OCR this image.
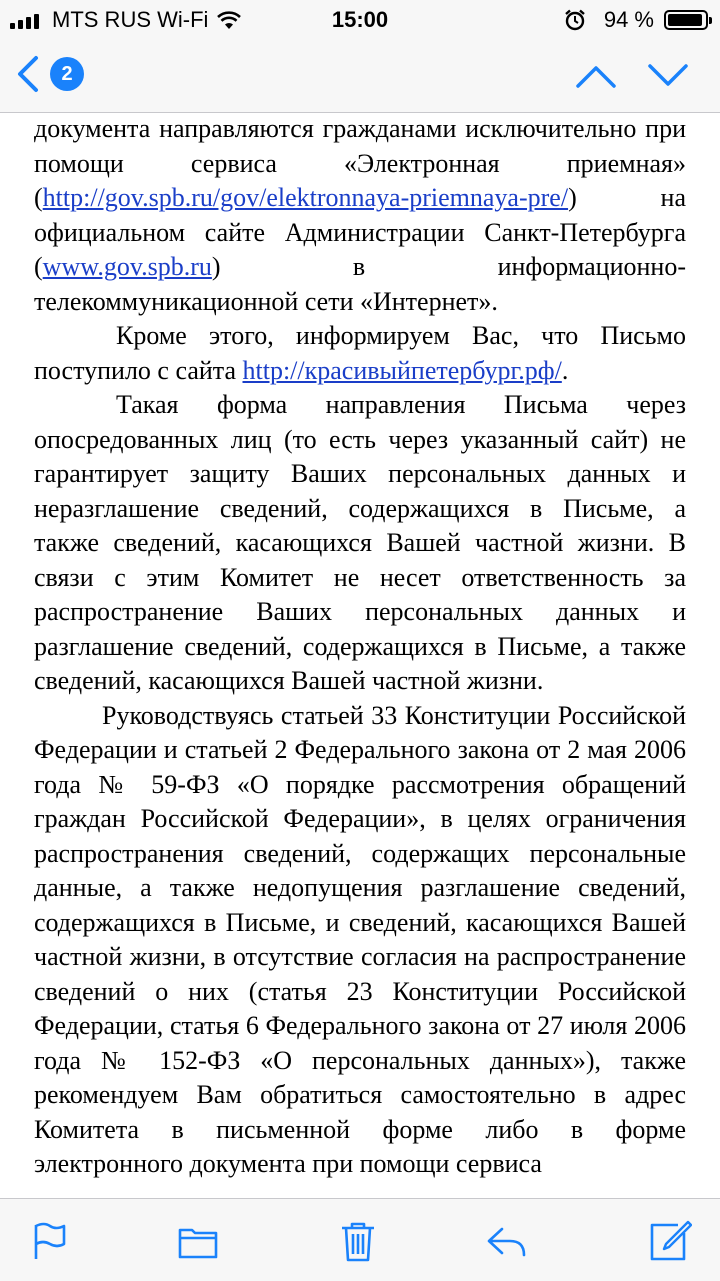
MTS RUS Wi-Fi	15:00	94 %
2

документа направляются гражданами исключительно при помощи сервиса «Электронная приемная» (http://gov.spb.ru/gov/elektronnaya-priemnaya-pre/) на официальном сайте Администрации Санкт-Петербурга (www.gov.spb.ru) в информационно-телекоммуникационной сети «Интернет».

Кроме этого, информируем Вас, что Письмо поступило с сайта http://красивыйпетербург.рф/.

Такая форма направления Письма через опосредованных лиц (то есть через указанный сайт) не гарантирует защиту Ваших персональных данных и неразглашение сведений, содержащихся в Письме, а также сведений, касающихся Вашей частной жизни. В связи с этим Комитет не несет ответственность за распространение Ваших персональных данных и разглашение сведений, содержащихся в Письме, а также сведений, касающихся Вашей частной жизни.

Руководствуясь статьей 33 Конституции Российской Федерации и статьей 2 Федерального закона от 2 мая 2006 года № 59-ФЗ «О порядке рассмотрения обращений граждан Российской Федерации», в целях ограничения распространения сведений, содержащих персональные данные, а также недопущения разглашение сведений, содержащихся в Письме, и сведений, касающихся Вашей частной жизни, в отсутствие согласия на распространение сведений о них (статья 23 Конституции Российской Федерации, статья 6 Федерального закона от 27 июля 2006 года № 152-ФЗ «О персональных данных»), также рекомендуем Вам обратиться самостоятельно в адрес Комитета в письменной форме либо в форме электронного документа при помощи сервиса
